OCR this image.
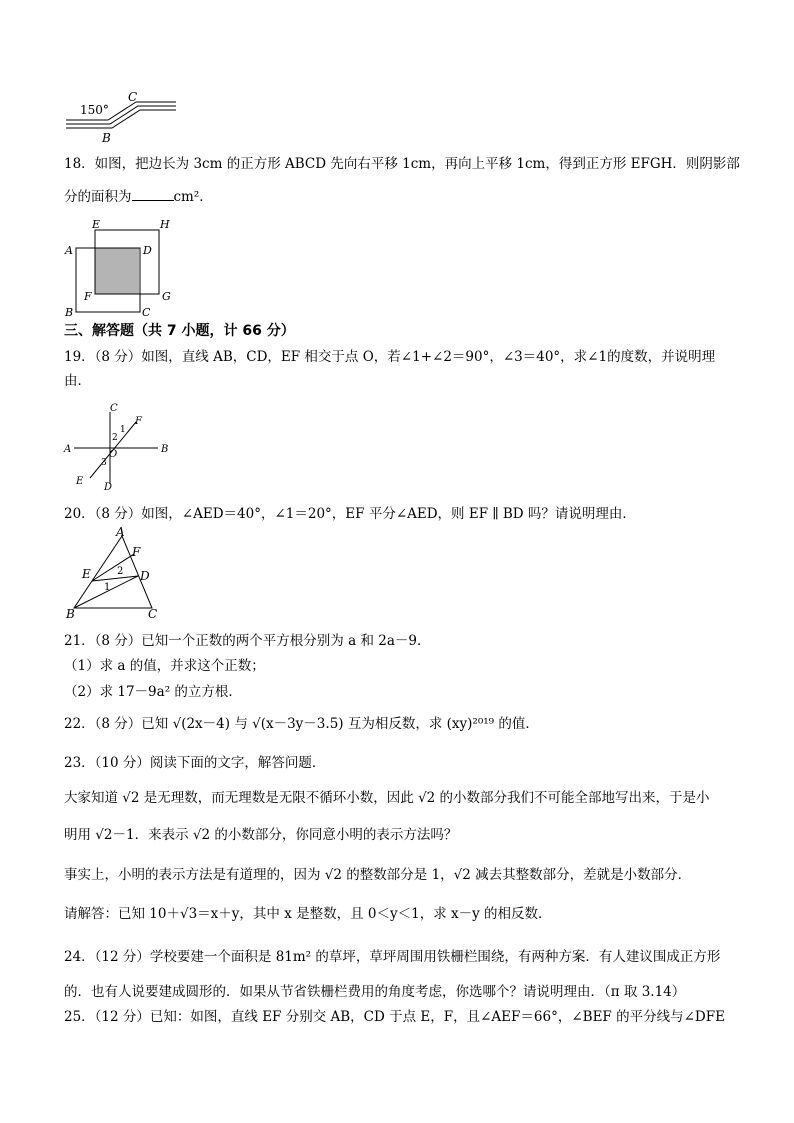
150°
C
B
18．如图，把边长为 3cm 的正方形 ABCD 先向右平移 1cm，再向上平移 1cm，得到正方形 EFGH．则阴影部
分的面积为	cm²．
A
B	C
D
E
F	G
H
三、解答题（共 7 小题，计 66 分）
19．（8 分）如图，直线 AB，CD，EF 相交于点 O，若∠1+∠2＝90°，∠3＝40°，求∠1的度数，并说明理
由．
C
A	B
D
E
F
O
1
2
3
20．（8 分）如图，∠AED＝40°，∠1＝20°，EF 平分∠AED，则 EF ∥ BD 吗？请说明理由．
A
B	C
D
E
F
1
2
21．（8 分）已知一个正数的两个平方根分别为 a 和 2a－9．
（1）求 a 的值，并求这个正数；
（2）求 17－9a² 的立方根．
22．（8 分）已知 √(2x－4) 与 √(x－3y－3.5) 互为相反数，求 (xy)²⁰¹⁹ 的值．
23．（10 分）阅读下面的文字，解答问题．
大家知道 √2 是无理数，而无理数是无限不循环小数，因此 √2 的小数部分我们不可能全部地写出来，于是小
明用 √2－1．来表示 √2 的小数部分，你同意小明的表示方法吗？
事实上，小明的表示方法是有道理的，因为 √2 的整数部分是 1，√2 减去其整数部分，差就是小数部分．
请解答：已知 10＋√3＝x＋y，其中 x 是整数，且 0＜y＜1，求 x－y 的相反数．
24．（12 分）学校要建一个面积是 81m² 的草坪，草坪周围用铁栅栏围绕，有两种方案．有人建议围成正方形
的．也有人说要建成圆形的．如果从节省铁栅栏费用的角度考虑，你选哪个？请说明理由．（π 取 3.14）
25．（12 分）已知：如图，直线 EF 分别交 AB，CD 于点 E，F，且∠AEF＝66°，∠BEF 的平分线与∠DFE
